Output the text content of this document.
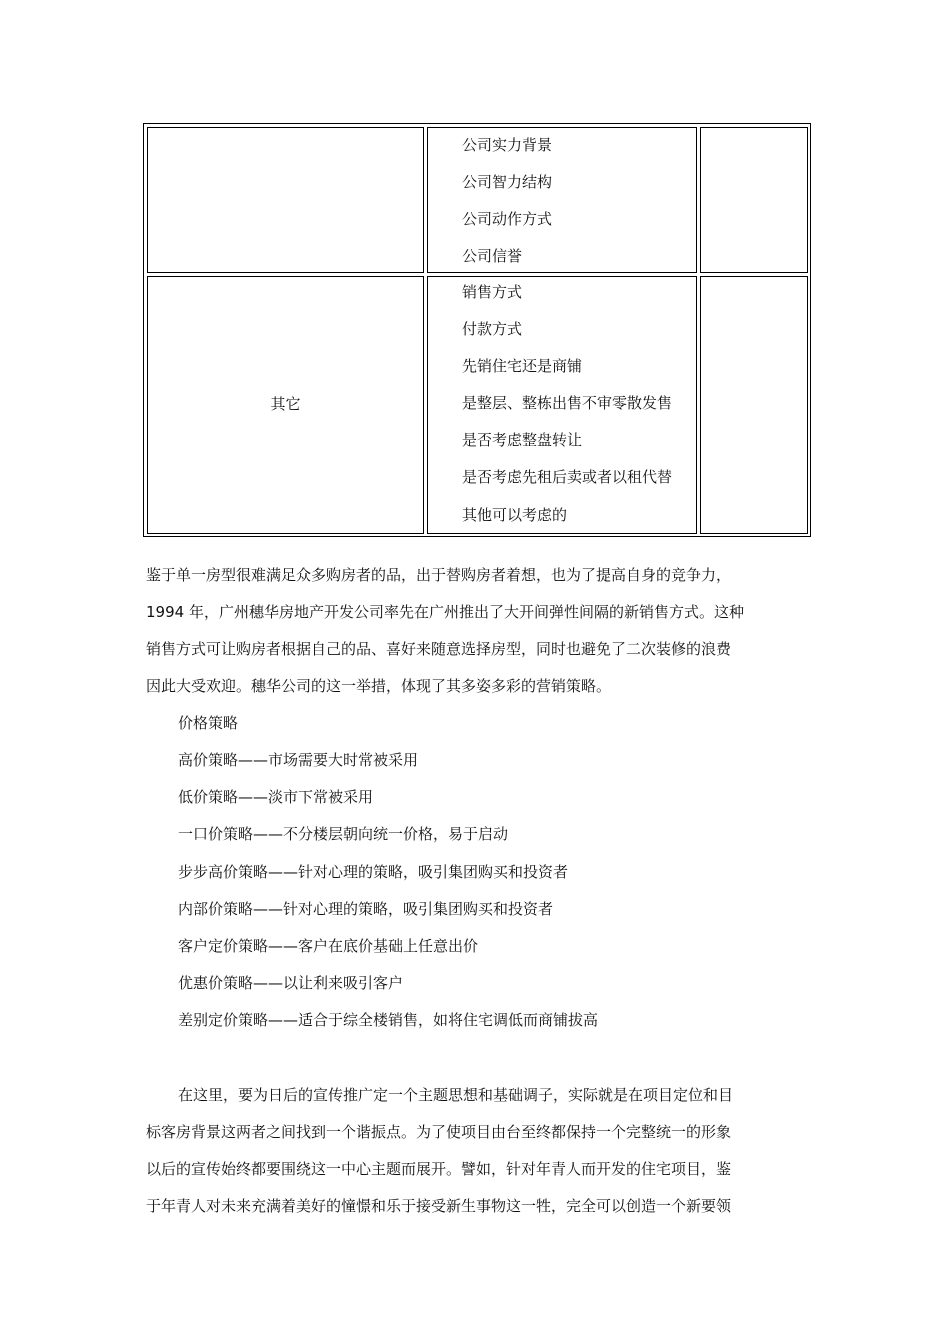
公司实力背景
公司智力结构
公司动作方式
公司信誉
其它
销售方式
付款方式
先销住宅还是商铺
是整层、整栋出售不审零散发售
是否考虑整盘转让
是否考虑先租后卖或者以租代替
其他可以考虑的
鉴于单一房型很难满足众多购房者的品，出于替购房者着想，也为了提高自身的竞争力，
1994 年，广州穗华房地产开发公司率先在广州推出了大开间弹性间隔的新销售方式。这种
销售方式可让购房者根据自己的品、喜好来随意选择房型，同时也避免了二次装修的浪费
因此大受欢迎。穗华公司的这一举措，体现了其多姿多彩的营销策略。
价格策略
高价策略——市场需要大时常被采用
低价策略——淡市下常被采用
一口价策略——不分楼层朝向统一价格，易于启动
步步高价策略——针对心理的策略，吸引集团购买和投资者
内部价策略——针对心理的策略，吸引集团购买和投资者
客户定价策略——客户在底价基础上任意出价
优惠价策略——以让利来吸引客户
差别定价策略——适合于综全楼销售，如将住宅调低而商铺拔高
在这里，要为日后的宣传推广定一个主题思想和基础调子，实际就是在项目定位和目
标客房背景这两者之间找到一个谐振点。为了使项目由台至终都保持一个完整统一的形象
以后的宣传始终都要围绕这一中心主题而展开。譬如，针对年青人而开发的住宅项目，鉴
于年青人对未来充满着美好的憧憬和乐于接受新生事物这一牲，完全可以创造一个新要领
